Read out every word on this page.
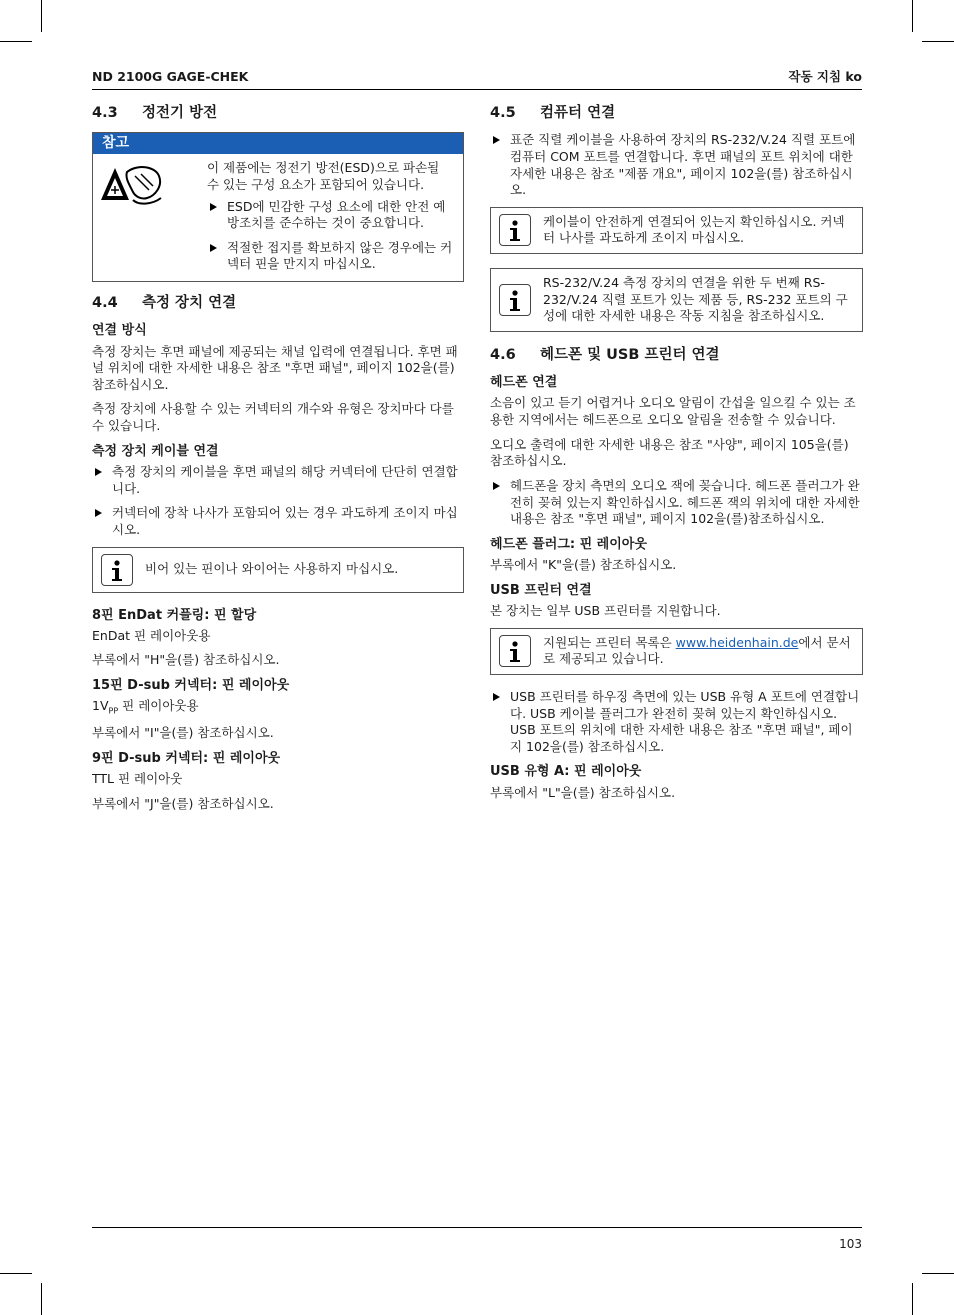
ND 2100G GAGE-CHEK	작동 지침 ko
4.3	정전기 방전
참고

이 제품에는 정전기 방전(ESD)으로 파손될 수 있는 구성 요소가 포함되어 있습니다.

ESD에 민감한 구성 요소에 대한 안전 예방조치를 준수하는 것이 중요합니다.
적절한 접지를 확보하지 않은 경우에는 커넥터 핀을 만지지 마십시오.
4.4	측정 장치 연결
연결 방식

측정 장치는 후면 패널에 제공되는 채널 입력에 연결됩니다. 후면 패널 위치에 대한 자세한 내용은 참조 "후면 패널", 페이지 102을(를) 참조하십시오.

측정 장치에 사용할 수 있는 커넥터의 개수와 유형은 장치마다 다를 수 있습니다.

측정 장치 케이블 연결
측정 장치의 케이블을 후면 패널의 해당 커넥터에 단단히 연결합니다.
커넥터에 장착 나사가 포함되어 있는 경우 과도하게 조이지 마십시오.
비어 있는 핀이나 와이어는 사용하지 마십시오.
8핀 EnDat 커플링: 핀 할당

EnDat 핀 레이아웃용

부록에서 "H"을(를) 참조하십시오.

15핀 D-sub 커넥터: 핀 레이아웃

$1V_{PP}$ 핀 레이아웃용

부록에서 "I"을(를) 참조하십시오.

9핀 D-sub 커넥터: 핀 레이아웃

TTL 핀 레이아웃

부록에서 "J"을(를) 참조하십시오.

4.5	컴퓨터 연결
표준 직렬 케이블을 사용하여 장치의 RS-232/V.24 직렬 포트에 컴퓨터 COM 포트를 연결합니다. 후면 패널의 포트 위치에 대한 자세한 내용은 참조 "제품 개요", 페이지 102을(를) 참조하십시오.
케이블이 안전하게 연결되어 있는지 확인하십시오. 커넥터 나사를 과도하게 조이지 마십시오.
RS-232/V.24 측정 장치의 연결을 위한 두 번째 RS-232/V.24 직렬 포트가 있는 제품 등, RS-232 포트의 구성에 대한 자세한 내용은 작동 지침을 참조하십시오.
4.6	헤드폰 및 USB 프린터 연결
헤드폰 연결

소음이 있고 듣기 어렵거나 오디오 알림이 간섭을 일으킬 수 있는 조용한 지역에서는 헤드폰으로 오디오 알림을 전송할 수 있습니다.

오디오 출력에 대한 자세한 내용은 참조 "사양", 페이지 105을(를) 참조하십시오.

헤드폰을 장치 측면의 오디오 잭에 꽂습니다. 헤드폰 플러그가 완전히 꽂혀 있는지 확인하십시오. 헤드폰 잭의 위치에 대한 자세한 내용은 참조 "후면 패널", 페이지 102을(를)참조하십시오.
헤드폰 플러그: 핀 레이아웃

부록에서 "K"을(를) 참조하십시오.

USB 프린터 연결

본 장치는 일부 USB 프린터를 지원합니다.

지원되는 프린터 목록은 www.heidenhain.de에서 문서로 제공되고 있습니다.
USB 프린터를 하우징 측면에 있는 USB 유형 A 포트에 연결합니다. USB 케이블 플러그가 완전히 꽂혀 있는지 확인하십시오. USB 포트의 위치에 대한 자세한 내용은 참조 "후면 패널", 페이지 102을(를) 참조하십시오.
USB 유형 A: 핀 레이아웃

부록에서 "L"을(를) 참조하십시오.

103
